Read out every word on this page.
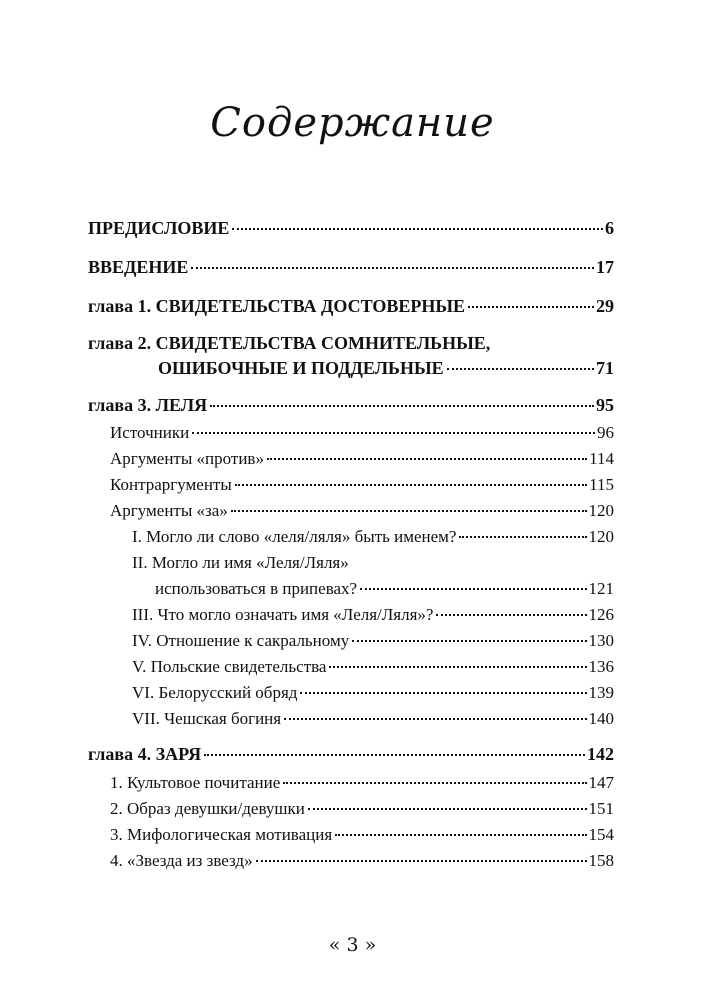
Содержание
ПРЕДИСЛОВИЕ	6
ВВЕДЕНИЕ	17
глава 1. СВИДЕТЕЛЬСТВА ДОСТОВЕРНЫЕ	29
глава 2. СВИДЕТЕЛЬСТВА СОМНИТЕЛЬНЫЕ,
ОШИБОЧНЫЕ И ПОДДЕЛЬНЫЕ	71
глава 3. ЛЕЛЯ	95
Источники	96
Аргументы «против»	114
Контраргументы	115
Аргументы «за»	120
I. Могло ли слово «леля/ляля» быть именем?	120
II. Могло ли имя «Леля/Ляля»
использоваться в припевах?	121
III. Что могло означать имя «Леля/Ляля»?	126
IV. Отношение к сакральному	130
V. Польские свидетельства	136
VI. Белорусский обряд	139
VII. Чешская богиня	140
глава 4. ЗАРЯ	142
1. Культовое почитание	147
2. Образ девушки/девушки	151
3. Мифологическая мотивация	154
4. «Звезда из звезд»	158
« 3 »
